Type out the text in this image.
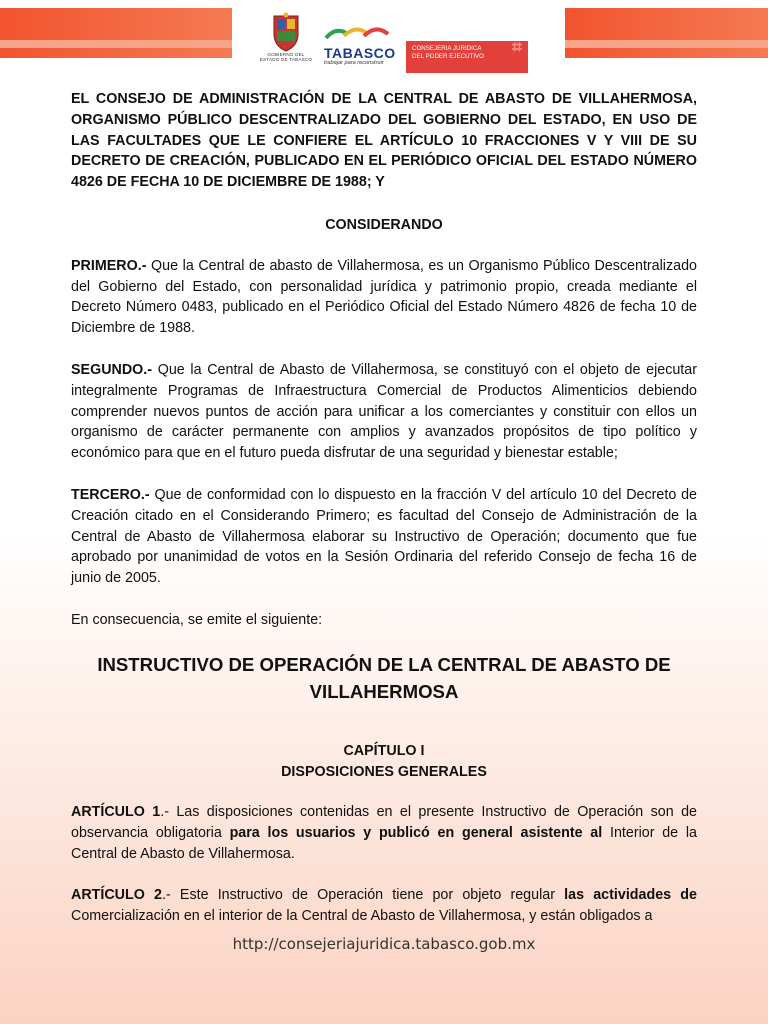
GOBIERNO DEL ESTADO DE TABASCO TABASCO
trabajar para reconstruir
CONSEJERIA JURIDICA
DEL PODER EJECUTIVO	⌗
EL CONSEJO DE ADMINISTRACIÓN DE LA CENTRAL DE ABASTO DE VILLAHERMOSA, ORGANISMO PÚBLICO DESCENTRALIZADO DEL GOBIERNO DEL ESTADO, EN USO DE LAS FACULTADES QUE LE CONFIERE EL ARTÍCULO 10 FRACCIONES V Y VIII DE SU DECRETO DE CREACIÓN, PUBLICADO EN EL PERIÓDICO OFICIAL DEL ESTADO NÚMERO 4826 DE FECHA 10 DE DICIEMBRE DE 1988; Y
CONSIDERANDO

PRIMERO.- Que la Central de abasto de Villahermosa, es un Organismo Público Descentralizado del Gobierno del Estado, con personalidad jurídica y patrimonio propio, creada mediante el Decreto Número 0483, publicado en el Periódico Oficial del Estado Número 4826 de fecha 10 de Diciembre de 1988.

SEGUNDO.- Que la Central de Abasto de Villahermosa, se constituyó con el objeto de ejecutar integralmente Programas de Infraestructura Comercial de Productos Alimenticios debiendo comprender nuevos puntos de acción para unificar a los comerciantes y constituir con ellos un organismo de carácter permanente con amplios y avanzados propósitos de tipo político y económico para que en el futuro pueda disfrutar de una seguridad y bienestar estable;

TERCERO.- Que de conformidad con lo dispuesto en la fracción V del artículo 10 del Decreto de Creación citado en el Considerando Primero; es facultad del Consejo de Administración de la Central de Abasto de Villahermosa elaborar su Instructivo de Operación; documento que fue aprobado por unanimidad de votos en la Sesión Ordinaria del referido Consejo de fecha 16 de junio de 2005.

En consecuencia, se emite el siguiente:

INSTRUCTIVO DE OPERACIÓN DE LA CENTRAL DE ABASTO DE VILLAHERMOSA
CAPÍTULO I
DISPOSICIONES GENERALES

ARTÍCULO 1.- Las disposiciones contenidas en el presente Instructivo de Operación son de observancia obligatoria para los usuarios y publicó en general asistente al Interior de la Central de Abasto de Villahermosa.

ARTÍCULO 2.- Este Instructivo de Operación tiene por objeto regular las actividades de Comercialización en el interior de la Central de Abasto de Villahermosa, y están obligados a

http://consejeriajuridica.tabasco.gob.mx
